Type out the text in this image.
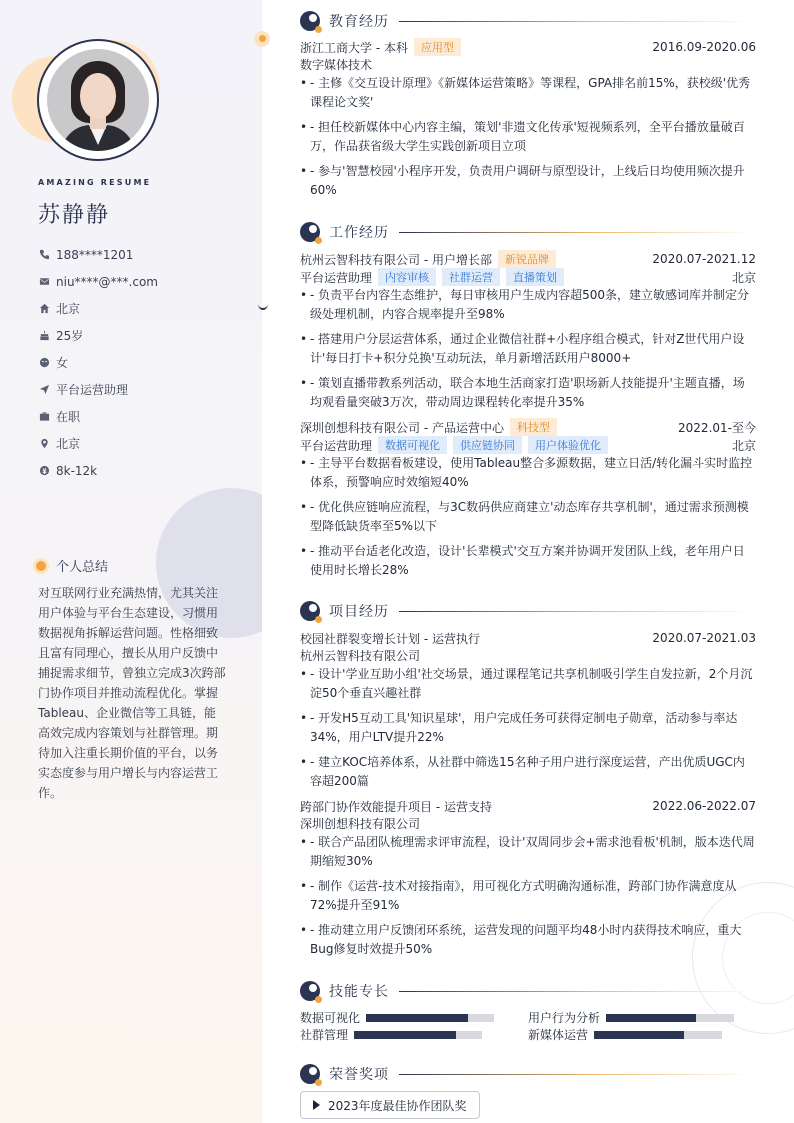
AMAZING RESUME
苏静静
188****1201
niu****@***.com
北京
25岁
女
平台运营助理
在职
北京
8k-12k
个人总结
对互联网行业充满热情，尤其关注用户体验与平台生态建设，习惯用数据视角拆解运营问题。性格细致且富有同理心，擅长从用户反馈中捕捉需求细节，曾独立完成3次跨部门协作项目并推动流程优化。掌握Tableau、企业微信等工具链，能高效完成内容策划与社群管理。期待加入注重长期价值的平台，以务实态度参与用户增长与内容运营工作。
教育经历
浙江工商大学 - 本科	应用型	2016.09-2020.06
数字媒体技术
• - 主修《交互设计原理》《新媒体运营策略》等课程，GPA排名前15%，获校级'优秀课程论文奖'
• - 担任校新媒体中心内容主编，策划'非遗文化传承'短视频系列，全平台播放量破百万，作品获省级大学生实践创新项目立项
• - 参与'智慧校园'小程序开发，负责用户调研与原型设计，上线后日均使用频次提升60%
工作经历
杭州云智科技有限公司 - 用户增长部	新锐品牌	2020.07-2021.12
平台运营助理	内容审核	社群运营	直播策划	北京
• - 负责平台内容生态维护，每日审核用户生成内容超500条，建立敏感词库并制定分级处理机制，内容合规率提升至98%
• - 搭建用户分层运营体系，通过企业微信社群+小程序组合模式，针对Z世代用户设计'每日打卡+积分兑换'互动玩法，单月新增活跃用户8000+
• - 策划直播带教系列活动，联合本地生活商家打造'职场新人技能提升'主题直播，场均观看量突破3万次，带动周边课程转化率提升35%
深圳创想科技有限公司 - 产品运营中心	科技型	2022.01-至今
平台运营助理	数据可视化	供应链协同	用户体验优化	北京
• - 主导平台数据看板建设，使用Tableau整合多源数据，建立日活/转化漏斗实时监控体系，预警响应时效缩短40%
• - 优化供应链响应流程，与3C数码供应商建立'动态库存共享机制'，通过需求预测模型降低缺货率至5%以下
• - 推动平台适老化改造，设计'长辈模式'交互方案并协调开发团队上线，老年用户日使用时长增长28%
项目经历
校园社群裂变增长计划 - 运营执行	2020.07-2021.03
杭州云智科技有限公司
• - 设计'学业互助小组'社交场景，通过课程笔记共享机制吸引学生自发拉新，2个月沉淀50个垂直兴趣社群
• - 开发H5互动工具'知识星球'，用户完成任务可获得定制电子勋章，活动参与率达34%，用户LTV提升22%
• - 建立KOC培养体系，从社群中筛选15名种子用户进行深度运营，产出优质UGC内容超200篇
跨部门协作效能提升项目 - 运营支持	2022.06-2022.07
深圳创想科技有限公司
• - 联合产品团队梳理需求评审流程，设计'双周同步会+需求池看板'机制，版本迭代周期缩短30%
• - 制作《运营-技术对接指南》，用可视化方式明确沟通标准，跨部门协作满意度从72%提升至91%
• - 推动建立用户反馈闭环系统，运营发现的问题平均48小时内获得技术响应，重大Bug修复时效提升50%
技能专长
数据可视化	用户行为分析
社群管理	新媒体运营
荣誉奖项
2023年度最佳协作团队奖
